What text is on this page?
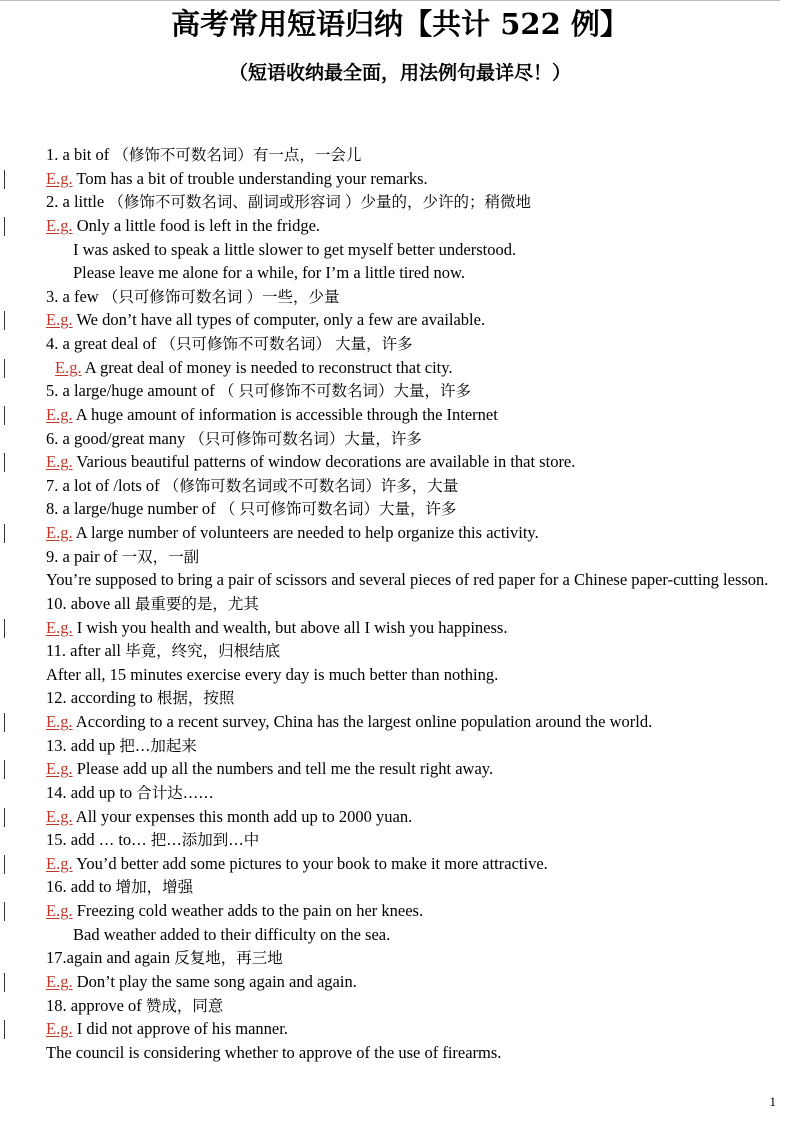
高考常用短语归纳【共计 522 例】
（短语收纳最全面，用法例句最详尽！）
1. a bit of （修饰不可数名词）有一点，一会儿
E.g. Tom has a bit of trouble understanding your remarks.
2. a little （修饰不可数名词、副词或形容词 ）少量的，少许的；稍微地
E.g. Only a little food is left in the fridge.
I was asked to speak a little slower to get myself better understood.
Please leave me alone for a while, for I’m a little tired now.
3. a few （只可修饰可数名词 ）一些，少量
E.g. We don’t have all types of computer, only a few are available.
4. a great deal of （只可修饰不可数名词） 大量，许多
E.g. A great deal of money is needed to reconstruct that city.
5. a large/huge amount of （ 只可修饰不可数名词）大量，许多
E.g. A huge amount of information is accessible through the Internet
6. a good/great many （只可修饰可数名词）大量，许多
E.g. Various beautiful patterns of window decorations are available in that store.
7. a lot of /lots of （修饰可数名词或不可数名词）许多，大量
8. a large/huge number of （ 只可修饰可数名词）大量，许多
E.g. A large number of volunteers are needed to help organize this activity.
9. a pair of 一双，一副
You’re supposed to bring a pair of scissors and several pieces of red paper for a Chinese paper-cutting lesson.
10. above all 最重要的是，尤其
E.g. I wish you health and wealth, but above all I wish you happiness.
11. after all 毕竟，终究，归根结底
After all, 15 minutes exercise every day is much better than nothing.
12. according to 根据，按照
E.g. According to a recent survey, China has the largest online population around the world.
13. add up 把…加起来
E.g. Please add up all the numbers and tell me the result right away.
14. add up to 合计达……
E.g. All your expenses this month add up to 2000 yuan.
15. add … to… 把…添加到…中
E.g. You’d better add some pictures to your book to make it more attractive.
16. add to 增加，增强
E.g. Freezing cold weather adds to the pain on her knees.
Bad weather added to their difficulty on the sea.
17.again and again 反复地，再三地
E.g. Don’t play the same song again and again.
18. approve of 赞成，同意
E.g. I did not approve of his manner.
The council is considering whether to approve of the use of firearms.
1
